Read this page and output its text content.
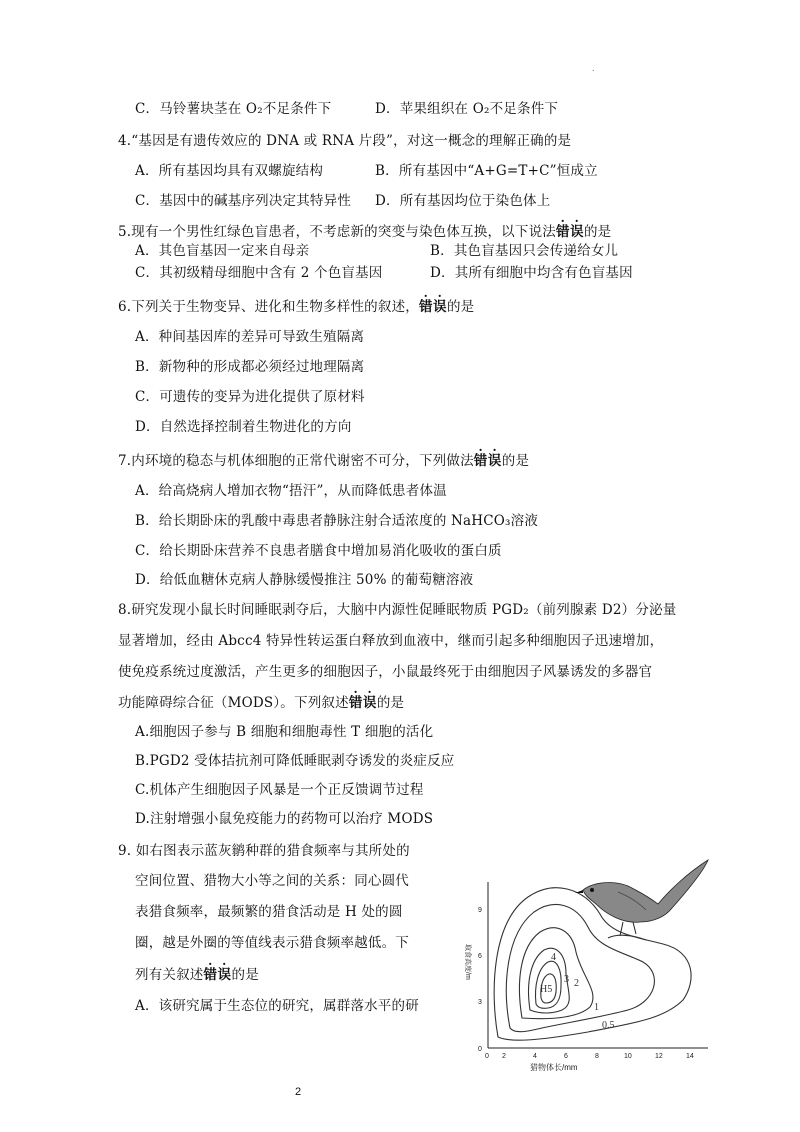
.
C．马铃薯块茎在 O₂不足条件下	D．苹果组织在 O₂不足条件下
4.“基因是有遗传效应的 DNA 或 RNA 片段”，对这一概念的理解正确的是
A．所有基因均具有双螺旋结构	B．所有基因中“A+G=T+C”恒成立
C．基因中的碱基序列决定其特异性 D．所有基因均位于染色体上
5.现有一个男性红绿色盲患者，不考虑新的突变与染色体互换，以下说法错误的是
A．其色盲基因一定来自母亲	B．其色盲基因只会传递给女儿
C．其初级精母细胞中含有 2 个色盲基因	D．其所有细胞中均含有色盲基因
6.下列关于生物变异、进化和生物多样性的叙述，错误的是
A．种间基因库的差异可导致生殖隔离
B．新物种的形成都必须经过地理隔离
C．可遗传的变异为进化提供了原材料
D．自然选择控制着生物进化的方向
7.内环境的稳态与机体细胞的正常代谢密不可分，下列做法错误的是
A．给高烧病人增加衣物“捂汗”，从而降低患者体温
B．给长期卧床的乳酸中毒患者静脉注射合适浓度的 NaHCO₃溶液
C．给长期卧床营养不良患者膳食中增加易消化吸收的蛋白质
D．给低血糖休克病人静脉缓慢推注 50% 的葡萄糖溶液
8.研究发现小鼠长时间睡眠剥夺后，大脑中内源性促睡眠物质 PGD₂（前列腺素 D2）分泌量
显著增加，经由 Abcc4 特异性转运蛋白释放到血液中，继而引起多种细胞因子迅速增加，
使免疫系统过度激活，产生更多的细胞因子，小鼠最终死于由细胞因子风暴诱发的多器官
功能障碍综合征（MODS）。下列叙述错误的是
A.细胞因子参与 B 细胞和细胞毒性 T 细胞的活化
B.PGD2 受体拮抗剂可降低睡眠剥夺诱发的炎症反应
C.机体产生细胞因子风暴是一个正反馈调节过程
D.注射增强小鼠免疫能力的药物可以治疗 MODS
9. 如右图表示蓝灰鹟种群的猎食频率与其所处的
空间位置、猎物大小等之间的关系：同心圆代
表猎食频率，最频繁的猎食活动是 H 处的圆
圈，越是外圈的等值线表示猎食频率越低。下
列有关叙述错误的是
A．该研究属于生态位的研究，属群落水平的研
0 2	4	6	8	10	12	14
0
3
6
9
猎物体长/mm
取食高度/m
H5
4
3 2
1
0.5
2
